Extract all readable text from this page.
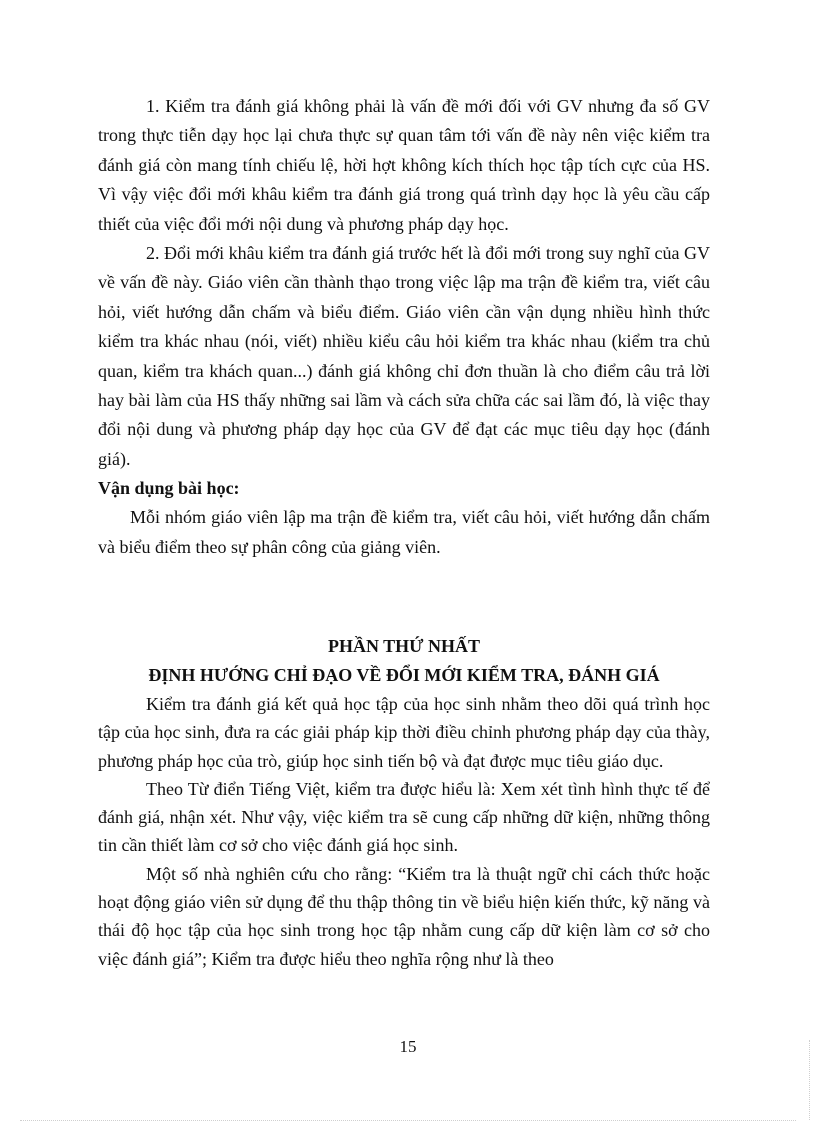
1. Kiểm tra đánh giá không phải là vấn đề mới đối với GV nhưng đa số GV trong thực tiễn dạy học lại chưa thực sự quan tâm tới vấn đề này nên việc kiểm tra đánh giá còn mang tính chiếu lệ, hời hợt không kích thích học tập tích cực của HS. Vì vậy việc đổi mới khâu kiểm tra đánh giá trong quá trình dạy học là yêu cầu cấp thiết của việc đổi mới nội dung và phương pháp dạy học.

2. Đổi mới khâu kiểm tra đánh giá trước hết là đổi mới trong suy nghĩ của GV về vấn đề này. Giáo viên cần thành thạo trong việc lập ma trận đề kiểm tra, viết câu hỏi, viết hướng dẫn chấm và biểu điểm. Giáo viên cần vận dụng nhiều hình thức kiểm tra khác nhau (nói, viết) nhiều kiểu câu hỏi kiểm tra khác nhau (kiểm tra chủ quan, kiểm tra khách quan...) đánh giá không chỉ đơn thuần là cho điểm câu trả lời hay bài làm của HS thấy những sai lầm và cách sửa chữa các sai lầm đó, là việc thay đổi nội dung và phương pháp dạy học của GV để đạt các mục tiêu dạy học (đánh giá).

Vận dụng bài học:

Mỗi nhóm giáo viên lập ma trận đề kiểm tra, viết câu hỏi, viết hướng dẫn chấm và biểu điểm theo sự phân công của giảng viên.

PHẦN THỨ NHẤT

ĐỊNH HƯỚNG CHỈ ĐẠO VỀ ĐỔI MỚI KIỂM TRA, ĐÁNH GIÁ

Kiểm tra đánh giá kết quả học tập của học sinh nhằm theo dõi quá trình học tập của học sinh, đưa ra các giải pháp kịp thời điều chỉnh phương pháp dạy của thày, phương pháp học của trò, giúp học sinh tiến bộ và đạt được mục tiêu giáo dục.

Theo Từ điển Tiếng Việt, kiểm tra được hiểu là: Xem xét tình hình thực tế để đánh giá, nhận xét. Như vậy, việc kiểm tra sẽ cung cấp những dữ kiện, những thông tin cần thiết làm cơ sở cho việc đánh giá học sinh.

Một số nhà nghiên cứu cho rằng: “Kiểm tra là thuật ngữ chỉ cách thức hoặc hoạt động giáo viên sử dụng để thu thập thông tin về biểu hiện kiến thức, kỹ năng và thái độ học tập của học sinh trong học tập nhằm cung cấp dữ kiện làm cơ sở cho việc đánh giá”; Kiểm tra được hiểu theo nghĩa rộng như là theo

15
